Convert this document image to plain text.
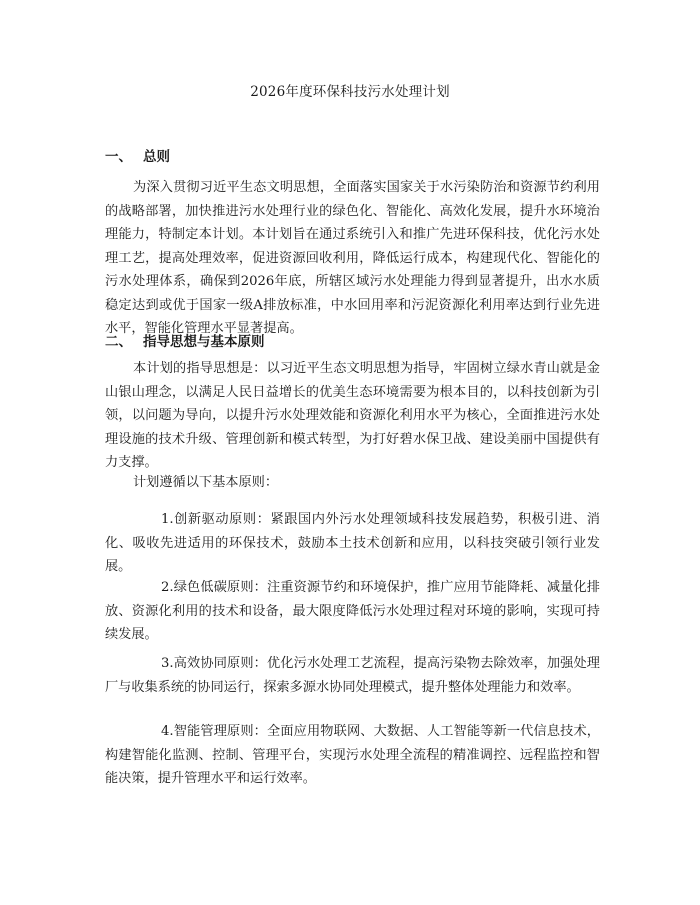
2026年度环保科技污水处理计划
一、 总则

为深入贯彻习近平生态文明思想，全面落实国家关于水污染防治和资源节约利用的战略部署，加快推进污水处理行业的绿色化、智能化、高效化发展，提升水环境治理能力，特制定本计划。本计划旨在通过系统引入和推广先进环保科技，优化污水处理工艺，提高处理效率，促进资源回收利用，降低运行成本，构建现代化、智能化的污水处理体系，确保到2026年底，所辖区域污水处理能力得到显著提升，出水水质稳定达到或优于国家一级A排放标准，中水回用率和污泥资源化利用率达到行业先进水平，智能化管理水平显著提高。

二、 指导思想与基本原则

本计划的指导思想是：以习近平生态文明思想为指导，牢固树立绿水青山就是金山银山理念，以满足人民日益增长的优美生态环境需要为根本目的，以科技创新为引领，以问题为导向，以提升污水处理效能和资源化利用水平为核心，全面推进污水处理设施的技术升级、管理创新和模式转型，为打好碧水保卫战、建设美丽中国提供有力支撑。

计划遵循以下基本原则：

1.创新驱动原则：紧跟国内外污水处理领域科技发展趋势，积极引进、消化、吸收先进适用的环保技术，鼓励本土技术创新和应用，以科技突破引领行业发展。

2.绿色低碳原则：注重资源节约和环境保护，推广应用节能降耗、减量化排放、资源化利用的技术和设备，最大限度降低污水处理过程对环境的影响，实现可持续发展。

3.高效协同原则：优化污水处理工艺流程，提高污染物去除效率，加强处理厂与收集系统的协同运行，探索多源水协同处理模式，提升整体处理能力和效率。

4.智能管理原则：全面应用物联网、大数据、人工智能等新一代信息技术，构建智能化监测、控制、管理平台，实现污水处理全流程的精准调控、远程监控和智能决策，提升管理水平和运行效率。
